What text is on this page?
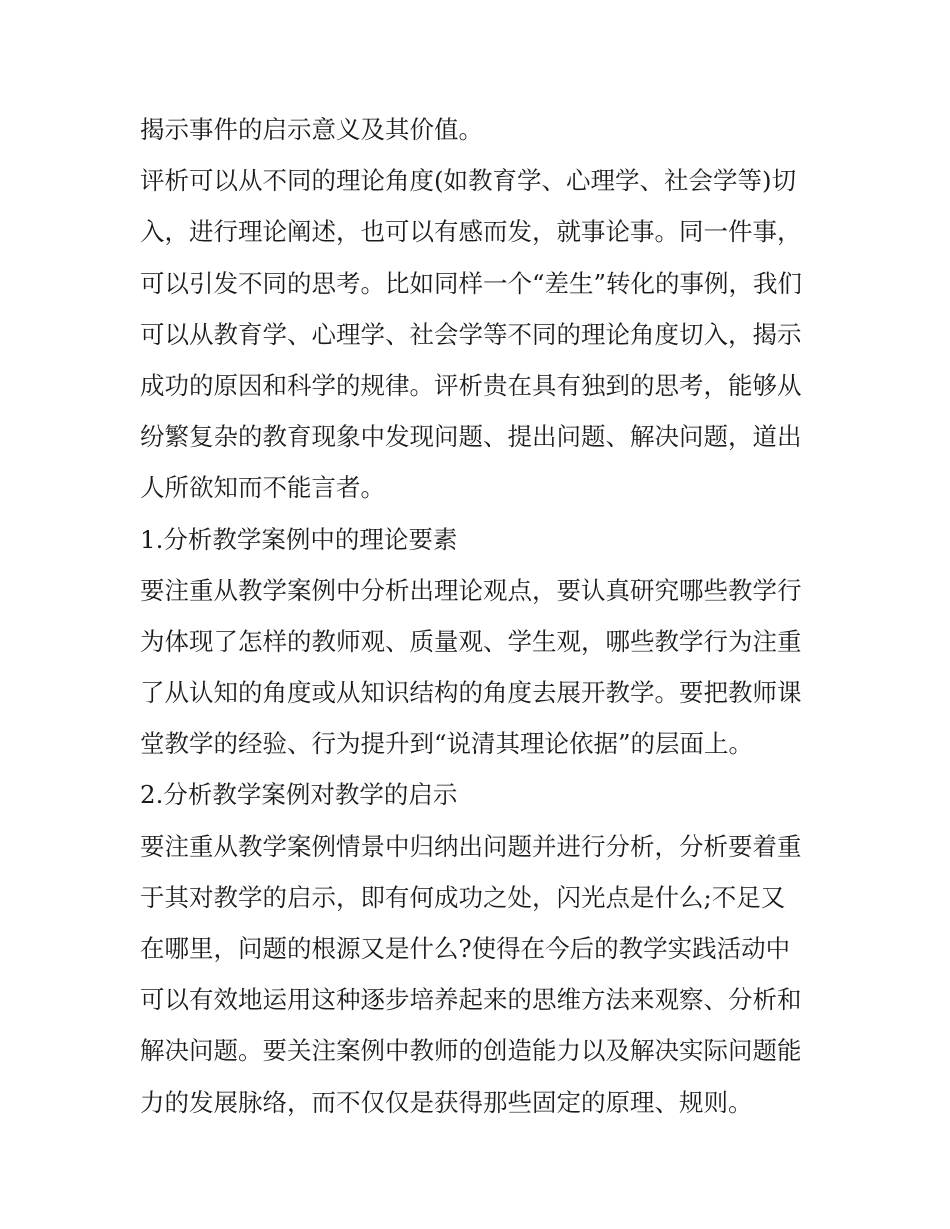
揭示事件的启示意义及其价值。

评析可以从不同的理论角度(如教育学、心理学、社会学等)切
入，进行理论阐述，也可以有感而发，就事论事。同一件事，
可以引发不同的思考。比如同样一个“差生”转化的事例，我们
可以从教育学、心理学、社会学等不同的理论角度切入，揭示
成功的原因和科学的规律。评析贵在具有独到的思考，能够从
纷繁复杂的教育现象中发现问题、提出问题、解决问题，道出
人所欲知而不能言者。

1.分析教学案例中的理论要素
要注重从教学案例中分析出理论观点，要认真研究哪些教学行
为体现了怎样的教师观、质量观、学生观，哪些教学行为注重
了从认知的角度或从知识结构的角度去展开教学。要把教师课
堂教学的经验、行为提升到“说清其理论依据”的层面上。

2.分析教学案例对教学的启示
要注重从教学案例情景中归纳出问题并进行分析，分析要着重
于其对教学的启示，即有何成功之处，闪光点是什么;不足又
在哪里，问题的根源又是什么?使得在今后的教学实践活动中
可以有效地运用这种逐步培养起来的思维方法来观察、分析和
解决问题。要关注案例中教师的创造能力以及解决实际问题能
力的发展脉络，而不仅仅是获得那些固定的原理、规则。
